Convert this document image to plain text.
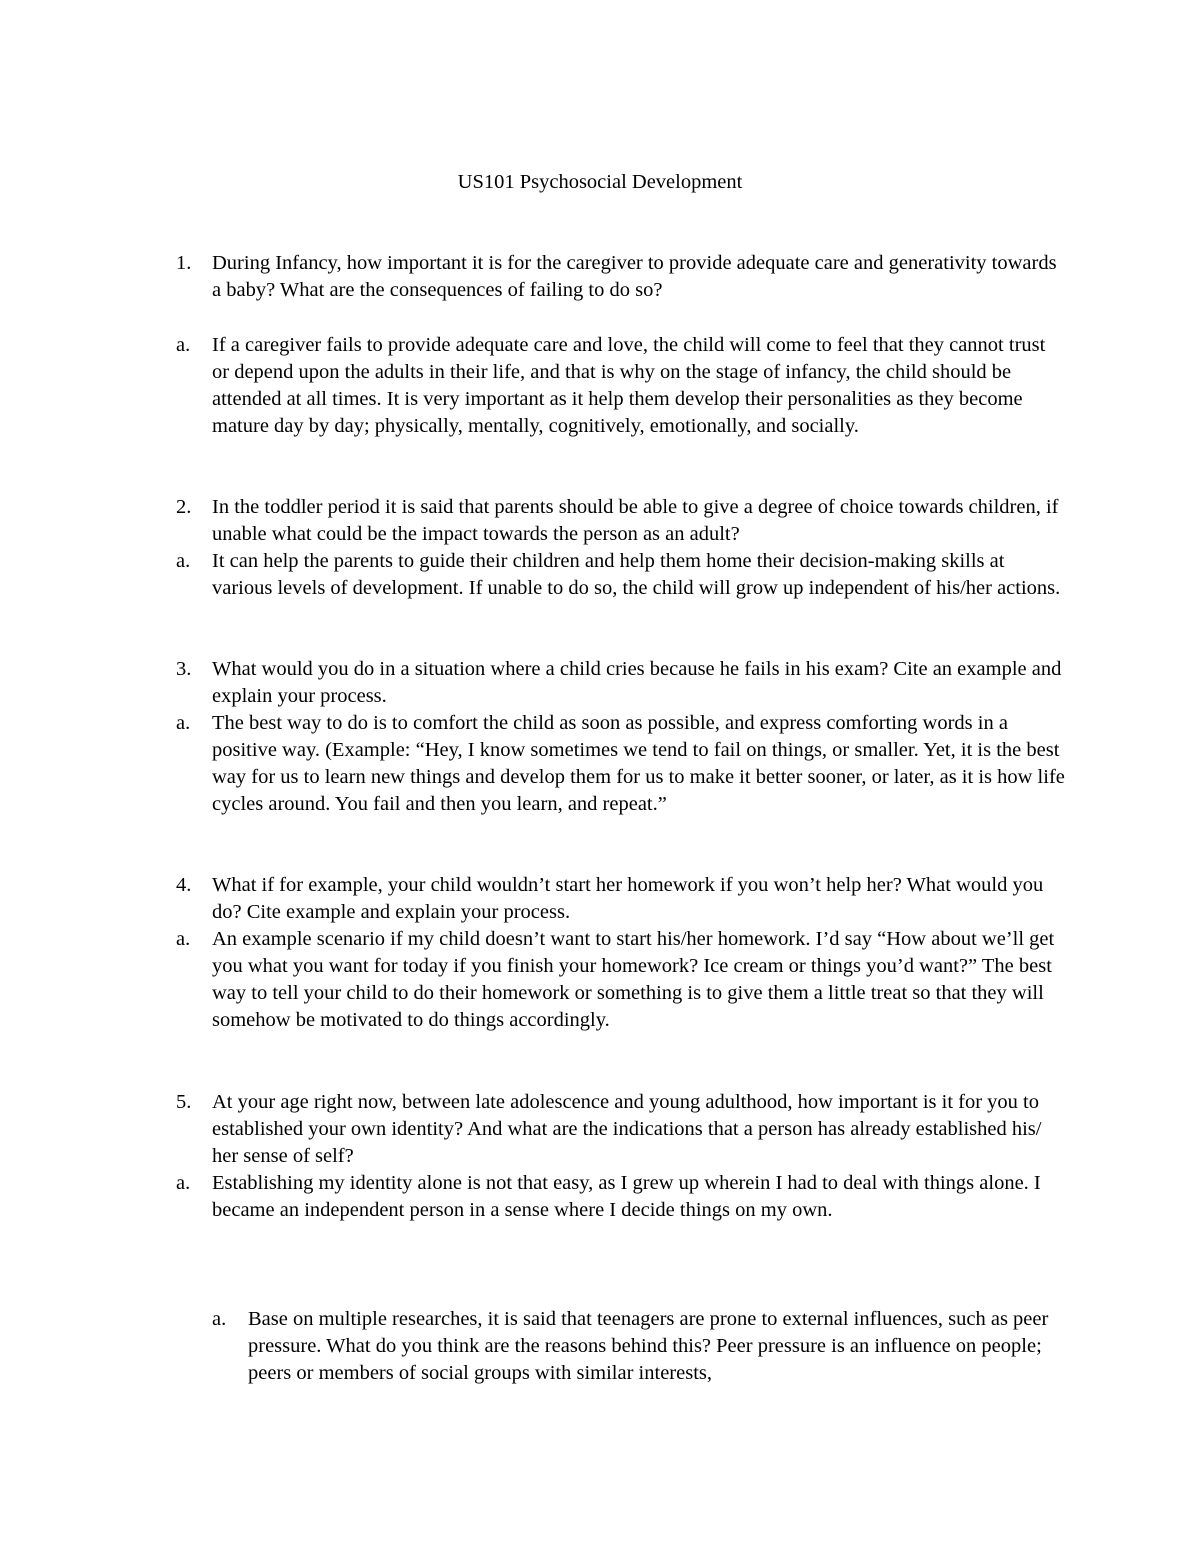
US101 Psychosocial Development
1.	During Infancy, how important it is for the caregiver to provide adequate care and generativity towards a baby? What are the consequences of failing to do so?
a.	If a caregiver fails to provide adequate care and love, the child will come to feel that they cannot trust or depend upon the adults in their life, and that is why on the stage of infancy, the child should be attended at all times. It is very important as it help them develop their personalities as they become mature day by day; physically, mentally, cognitively, emotionally, and socially.
2.	In the toddler period it is said that parents should be able to give a degree of choice towards children, if unable what could be the impact towards the person as an adult?
a.	It can help the parents to guide their children and help them home their decision-making skills at various levels of development. If unable to do so, the child will grow up independent of his/her actions.
3.	What would you do in a situation where a child cries because he fails in his exam? Cite an example and explain your process.
a.	The best way to do is to comfort the child as soon as possible, and express comforting words in a positive way. (Example: “Hey, I know sometimes we tend to fail on things, or smaller. Yet, it is the best way for us to learn new things and develop them for us to make it better sooner, or later, as it is how life cycles around. You fail and then you learn, and repeat.”
4.	What if for example, your child wouldn’t start her homework if you won’t help her? What would you do? Cite example and explain your process.
a.	An example scenario if my child doesn’t want to start his/her homework. I’d say “How about we’ll get you what you want for today if you finish your homework? Ice cream or things you’d want?” The best way to tell your child to do their homework or something is to give them a little treat so that they will somehow be motivated to do things accordingly.
5.	At your age right now, between late adolescence and young adulthood, how important is it for you to established your own identity? And what are the indications that a person has already established his/ her sense of self?
a.	Establishing my identity alone is not that easy, as I grew up wherein I had to deal with things alone. I became an independent person in a sense where I decide things on my own.
a.	Base on multiple researches, it is said that teenagers are prone to external influences, such as peer pressure. What do you think are the reasons behind this? Peer pressure is an influence on people; peers or members of social groups with similar interests,
